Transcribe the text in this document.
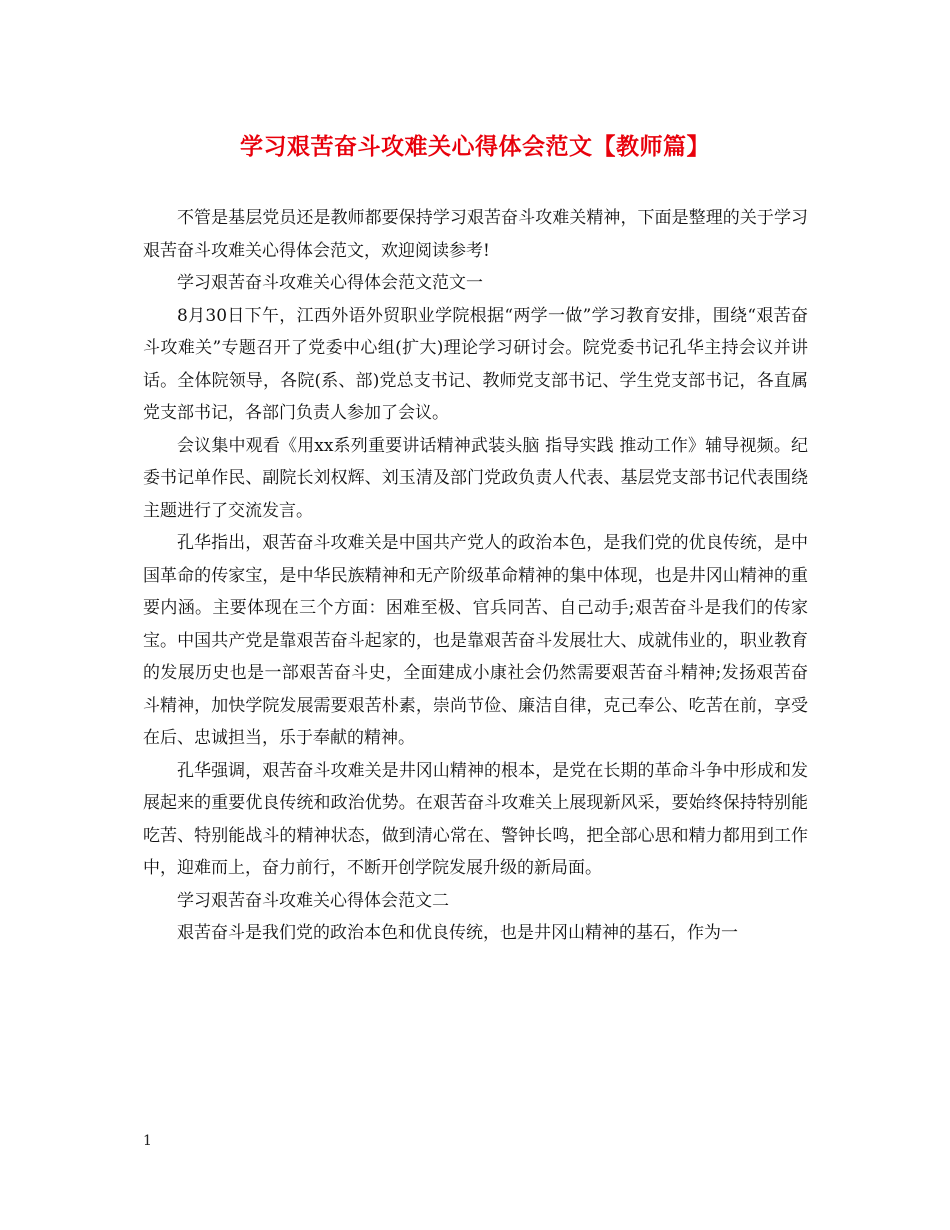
学习艰苦奋斗攻难关心得体会范文【教师篇】

不管是基层党员还是教师都要保持学习艰苦奋斗攻难关精神，下面是整理的关于学习艰苦奋斗攻难关心得体会范文，欢迎阅读参考!

学习艰苦奋斗攻难关心得体会范文范文一

8月30日下午，江西外语外贸职业学院根据“两学一做”学习教育安排，围绕“艰苦奋斗攻难关”专题召开了党委中心组(扩大)理论学习研讨会。院党委书记孔华主持会议并讲话。全体院领导，各院(系、部)党总支书记、教师党支部书记、学生党支部书记，各直属党支部书记，各部门负责人参加了会议。

会议集中观看《用xx系列重要讲话精神武装头脑 指导实践 推动工作》辅导视频。纪委书记单作民、副院长刘权辉、刘玉清及部门党政负责人代表、基层党支部书记代表围绕主题进行了交流发言。

孔华指出，艰苦奋斗攻难关是中国共产党人的政治本色，是我们党的优良传统，是中国革命的传家宝，是中华民族精神和无产阶级革命精神的集中体现，也是井冈山精神的重要内涵。主要体现在三个方面：困难至极、官兵同苦、自己动手;艰苦奋斗是我们的传家宝。中国共产党是靠艰苦奋斗起家的，也是靠艰苦奋斗发展壮大、成就伟业的，职业教育的发展历史也是一部艰苦奋斗史，全面建成小康社会仍然需要艰苦奋斗精神;发扬艰苦奋斗精神，加快学院发展需要艰苦朴素，崇尚节俭、廉洁自律，克己奉公、吃苦在前，享受在后、忠诚担当，乐于奉献的精神。

孔华强调，艰苦奋斗攻难关是井冈山精神的根本，是党在长期的革命斗争中形成和发展起来的重要优良传统和政治优势。在艰苦奋斗攻难关上展现新风采，要始终保持特别能吃苦、特别能战斗的精神状态，做到清心常在、警钟长鸣，把全部心思和精力都用到工作中，迎难而上，奋力前行，不断开创学院发展升级的新局面。

学习艰苦奋斗攻难关心得体会范文二

艰苦奋斗是我们党的政治本色和优良传统，也是井冈山精神的基石，作为一

1
